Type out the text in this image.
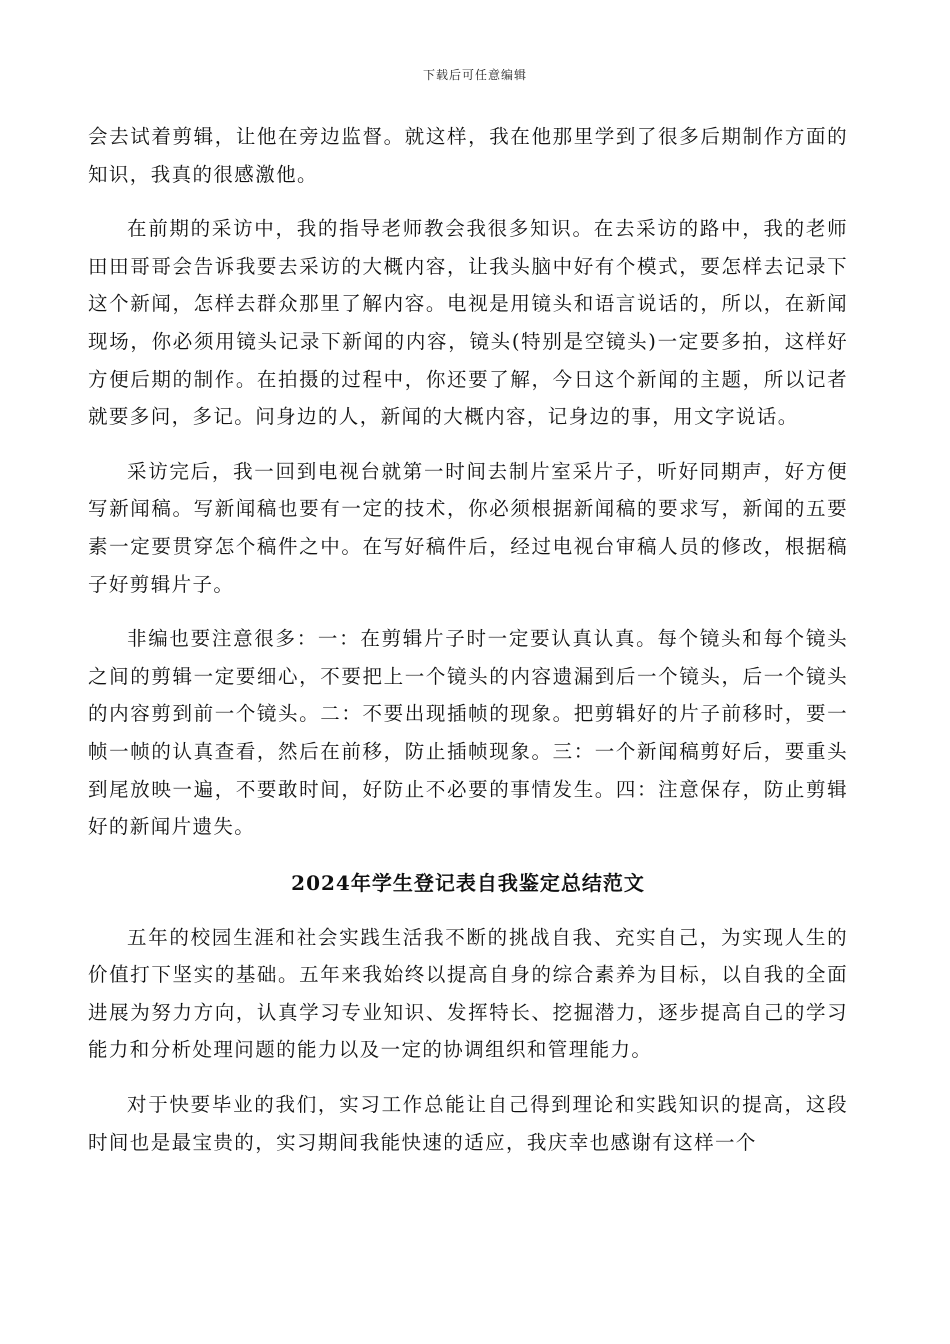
下载后可任意编辑

会去试着剪辑，让他在旁边监督。就这样，我在他那里学到了很多后期制作方面的知识，我真的很感激他。

在前期的采访中，我的指导老师教会我很多知识。在去采访的路中，我的老师田田哥哥会告诉我要去采访的大概内容，让我头脑中好有个模式，要怎样去记录下这个新闻，怎样去群众那里了解内容。电视是用镜头和语言说话的，所以，在新闻现场，你必须用镜头记录下新闻的内容，镜头(特别是空镜头)一定要多拍，这样好方便后期的制作。在拍摄的过程中，你还要了解，今日这个新闻的主题，所以记者就要多问，多记。问身边的人，新闻的大概内容，记身边的事，用文字说话。

采访完后，我一回到电视台就第一时间去制片室采片子，听好同期声，好方便写新闻稿。写新闻稿也要有一定的技术，你必须根据新闻稿的要求写，新闻的五要素一定要贯穿怎个稿件之中。在写好稿件后，经过电视台审稿人员的修改，根据稿子好剪辑片子。

非编也要注意很多：一：在剪辑片子时一定要认真认真。每个镜头和每个镜头之间的剪辑一定要细心，不要把上一个镜头的内容遗漏到后一个镜头，后一个镜头的内容剪到前一个镜头。二：不要出现插帧的现象。把剪辑好的片子前移时，要一帧一帧的认真查看，然后在前移，防止插帧现象。三：一个新闻稿剪好后，要重头到尾放映一遍，不要敢时间，好防止不必要的事情发生。四：注意保存，防止剪辑好的新闻片遗失。

2024年学生登记表自我鉴定总结范文

五年的校园生涯和社会实践生活我不断的挑战自我、充实自己，为实现人生的价值打下坚实的基础。五年来我始终以提高自身的综合素养为目标，以自我的全面进展为努力方向，认真学习专业知识、发挥特长、挖掘潜力，逐步提高自己的学习能力和分析处理问题的能力以及一定的协调组织和管理能力。

对于快要毕业的我们，实习工作总能让自己得到理论和实践知识的提高，这段时间也是最宝贵的，实习期间我能快速的适应，我庆幸也感谢有这样一个
